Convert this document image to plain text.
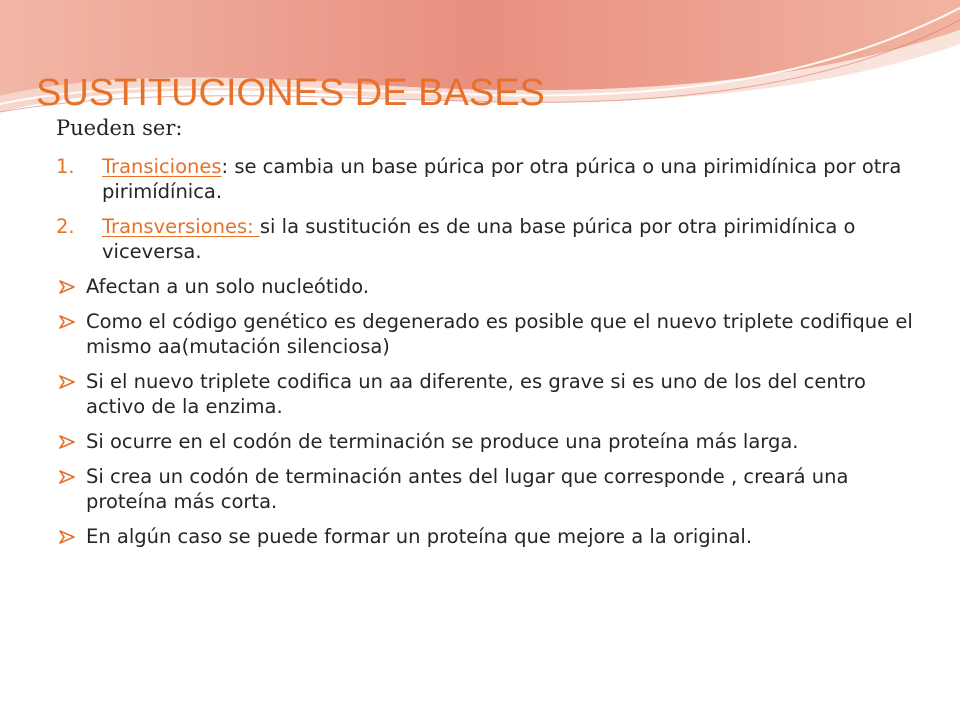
SUSTITUCIONES DE BASES

Pueden ser:

1. Transiciones: se cambia un base púrica por otra púrica o una pirimidínica por otra pirimídínica.
2. Transversiones: si la sustitución es de una base púrica por otra pirimidínica o viceversa.
Afectan a un solo nucleótido.
Como el código genético es degenerado es posible que el nuevo triplete codifique el mismo aa(mutación silenciosa)
Si el nuevo triplete codifica un aa diferente, es grave si es uno de los del centro activo de la enzima.
Si ocurre en el codón de terminación se produce una proteína más larga.
Si crea un codón de terminación antes del lugar que corresponde , creará una proteína más corta.
En algún caso se puede formar un proteína que mejore a la original.
